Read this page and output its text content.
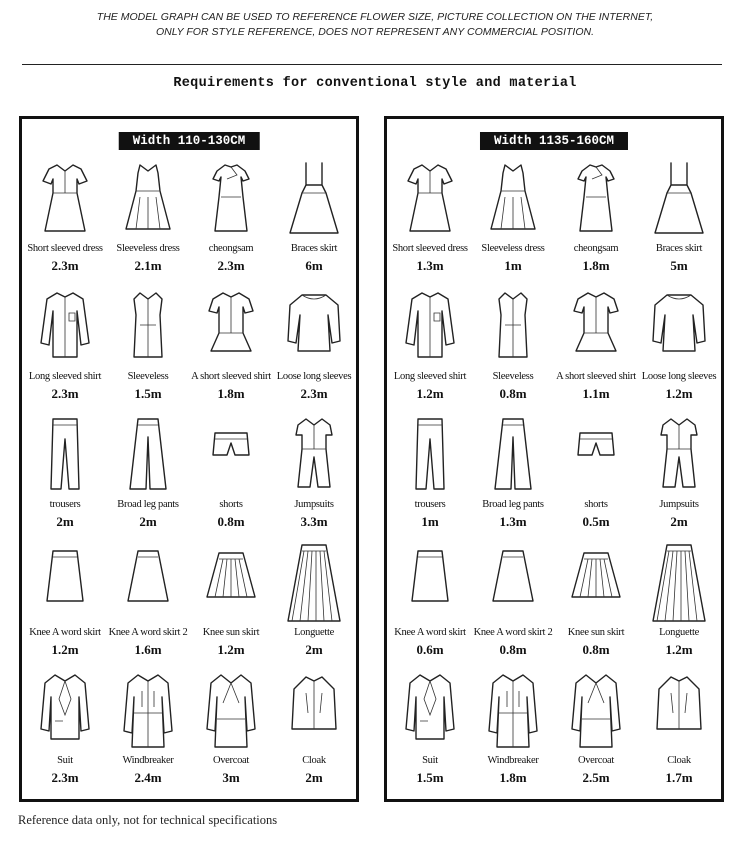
THE MODEL GRAPH CAN BE USED TO REFERENCE FLOWER SIZE, PICTURE COLLECTION ON THE INTERNET,
ONLY FOR STYLE REFERENCE, DOES NOT REPRESENT ANY COMMERCIAL POSITION.
Requirements for conventional style and material
Width 110-130CM
Short sleeved dress
2.3m
Sleeveless dress
2.1m
cheongsam
2.3m
Braces skirt
6m
Long sleeved shirt
2.3m
Sleeveless
1.5m
A short sleeved shirt
1.8m
Loose long sleeves
2.3m
trousers
2m
Broad leg pants
2m
shorts
0.8m
Jumpsuits
3.3m
Knee A word skirt
1.2m
Knee A word skirt 2
1.6m
Knee sun skirt
1.2m
Longuette
2m
Suit
2.3m
Windbreaker
2.4m
Overcoat
3m
Cloak
2m
Width 1135-160CM
Short sleeved dress
1.3m
Sleeveless dress
1m
cheongsam
1.8m
Braces skirt
5m
Long sleeved shirt
1.2m
Sleeveless
0.8m
A short sleeved shirt
1.1m
Loose long sleeves
1.2m
trousers
1m
Broad leg pants
1.3m
shorts
0.5m
Jumpsuits
2m
Knee A word skirt
0.6m
Knee A word skirt 2
0.8m
Knee sun skirt
0.8m
Longuette
1.2m
Suit
1.5m
Windbreaker
1.8m
Overcoat
2.5m
Cloak
1.7m
Reference data only, not for technical specifications
